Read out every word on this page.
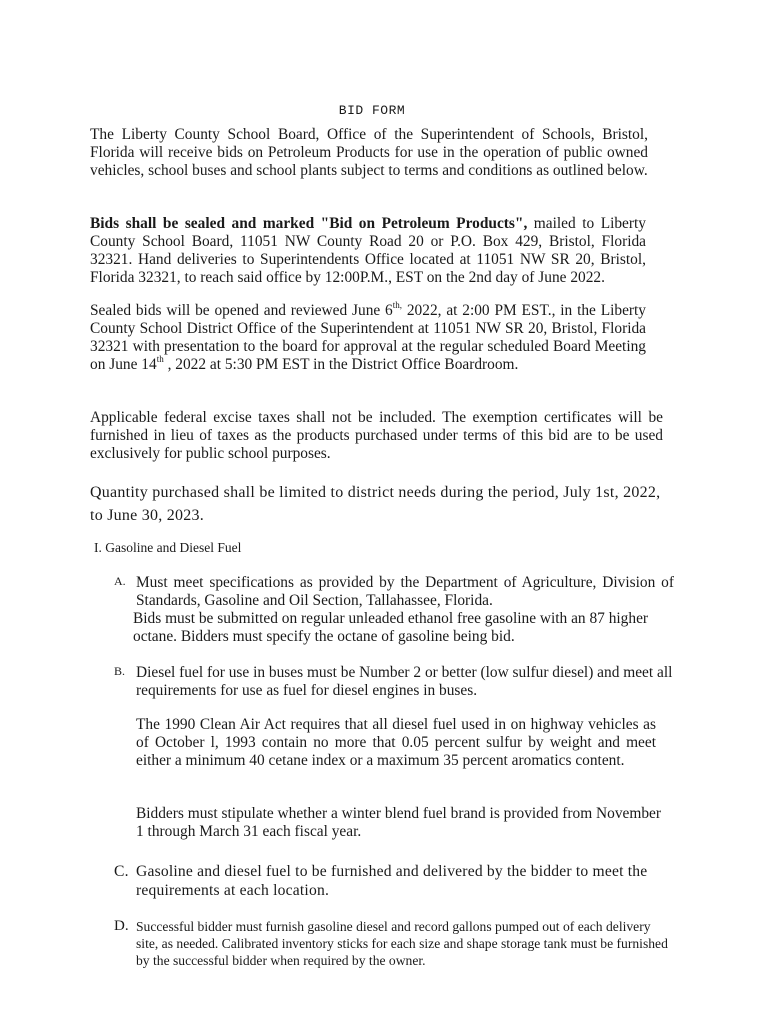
BID FORM

The Liberty County School Board, Office of the Superintendent of Schools, Bristol, Florida will receive bids on Petroleum Products for use in the operation of public owned vehicles, school buses and school plants subject to terms and conditions as outlined below.

Bids shall be sealed and marked "Bid on Petroleum Products", mailed to Liberty County School Board, 11051 NW County Road 20 or P.O. Box 429, Bristol, Florida 32321. Hand deliveries to Superintendents Office located at 11051 NW SR 20, Bristol, Florida 32321, to reach said office by 12:00P.M., EST on the 2nd day of June 2022.

Sealed bids will be opened and reviewed June $6^{th,}$ 2022, at 2:00 PM EST., in the Liberty County School District Office of the Superintendent at 11051 NW SR 20, Bristol, Florida 32321 with presentation to the board for approval at the regular scheduled Board Meeting on June 14th , 2022 at 5:30 PM EST in the District Office Boardroom.

Applicable federal excise taxes shall not be included. The exemption certificates will be furnished in lieu of taxes as the products purchased under terms of this bid are to be used exclusively for public school purposes.

Quantity purchased shall be limited to district needs during the period, July 1st, 2022, to June 30, 2023.

I. Gasoline and Diesel Fuel
A. Must meet specifications as provided by the Department of Agriculture, Division of Standards, Gasoline and Oil Section, Tallahassee, Florida.

Bids must be submitted on regular unleaded ethanol free gasoline with an 87 higher octane. Bidders must specify the octane of gasoline being bid.

B. Diesel fuel for use in buses must be Number 2 or better (low sulfur diesel) and meet all requirements for use as fuel for diesel engines in buses.

The 1990 Clean Air Act requires that all diesel fuel used in on highway vehicles as of October l, 1993 contain no more that 0.05 percent sulfur by weight and meet either a minimum 40 cetane index or a maximum 35 percent aromatics content.

Bidders must stipulate whether a winter blend fuel brand is provided from November 1 through March 31 each fiscal year.

C. Gasoline and diesel fuel to be furnished and delivered by the bidder to meet the requirements at each location.
D. Successful bidder must furnish gasoline diesel and record gallons pumped out of each delivery site, as needed. Calibrated inventory sticks for each size and shape storage tank must be furnished by the successful bidder when required by the owner.
